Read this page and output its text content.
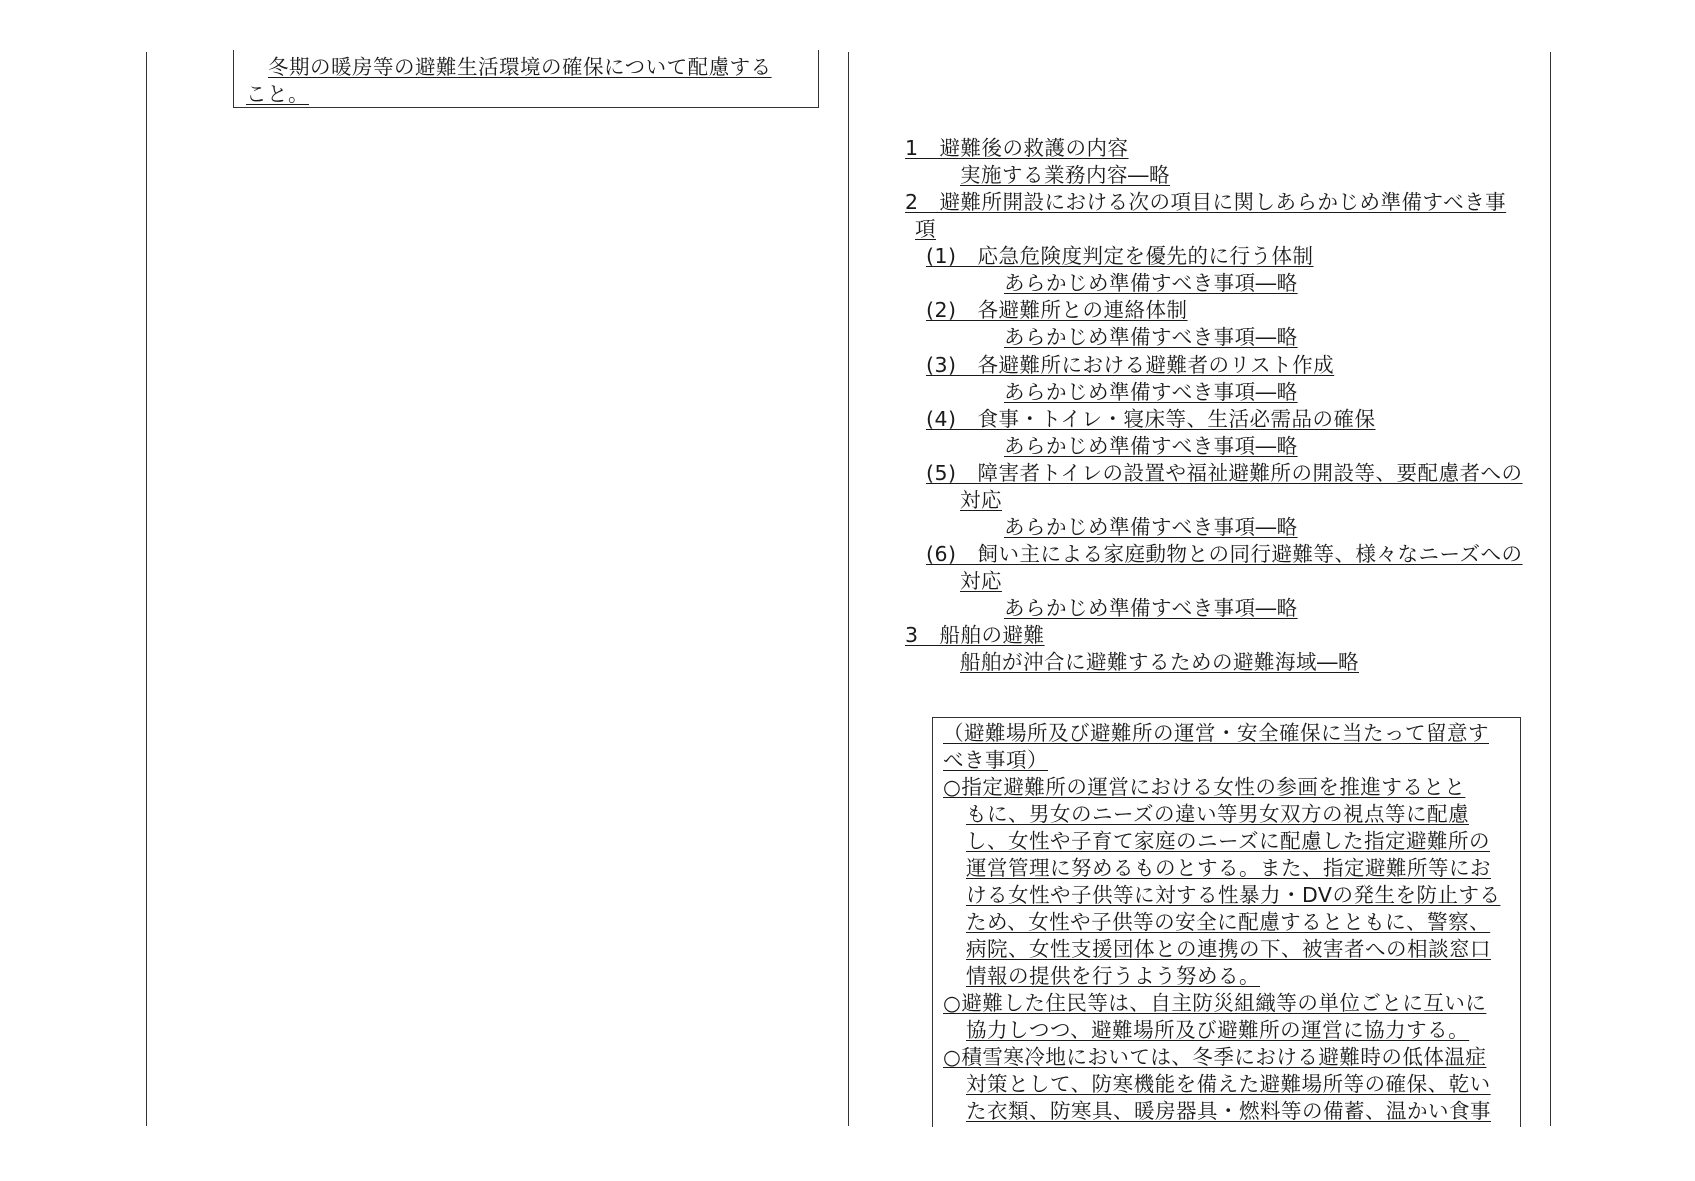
冬期の暖房等の避難生活環境の確保について配慮する
こと。
1　避難後の救護の内容
実施する業務内容―略
2　避難所開設における次の項目に関しあらかじめ準備すべき事
項
(1)　応急危険度判定を優先的に行う体制
あらかじめ準備すべき事項―略
(2)　各避難所との連絡体制
あらかじめ準備すべき事項―略
(3)　各避難所における避難者のリスト作成
あらかじめ準備すべき事項―略
(4)　食事・トイレ・寝床等、生活必需品の確保
あらかじめ準備すべき事項―略
(5)　障害者トイレの設置や福祉避難所の開設等、要配慮者への
対応
あらかじめ準備すべき事項―略
(6)　飼い主による家庭動物との同行避難等、様々なニーズへの
対応
あらかじめ準備すべき事項―略
3　船舶の避難
船舶が沖合に避難するための避難海域―略
（避難場所及び避難所の運営・安全確保に当たって留意す
べき事項）
○指定避難所の運営における女性の参画を推進するとと
もに、男女のニーズの違い等男女双方の視点等に配慮
し、女性や子育て家庭のニーズに配慮した指定避難所の
運営管理に努めるものとする。また、指定避難所等にお
ける女性や子供等に対する性暴力・DVの発生を防止する
ため、女性や子供等の安全に配慮するとともに、警察、
病院、女性支援団体との連携の下、被害者への相談窓口
情報の提供を行うよう努める。
○避難した住民等は、自主防災組織等の単位ごとに互いに
協力しつつ、避難場所及び避難所の運営に協力する。
○積雪寒冷地においては、冬季における避難時の低体温症
対策として、防寒機能を備えた避難場所等の確保、乾い
た衣類、防寒具、暖房器具・燃料等の備蓄、温かい食事
